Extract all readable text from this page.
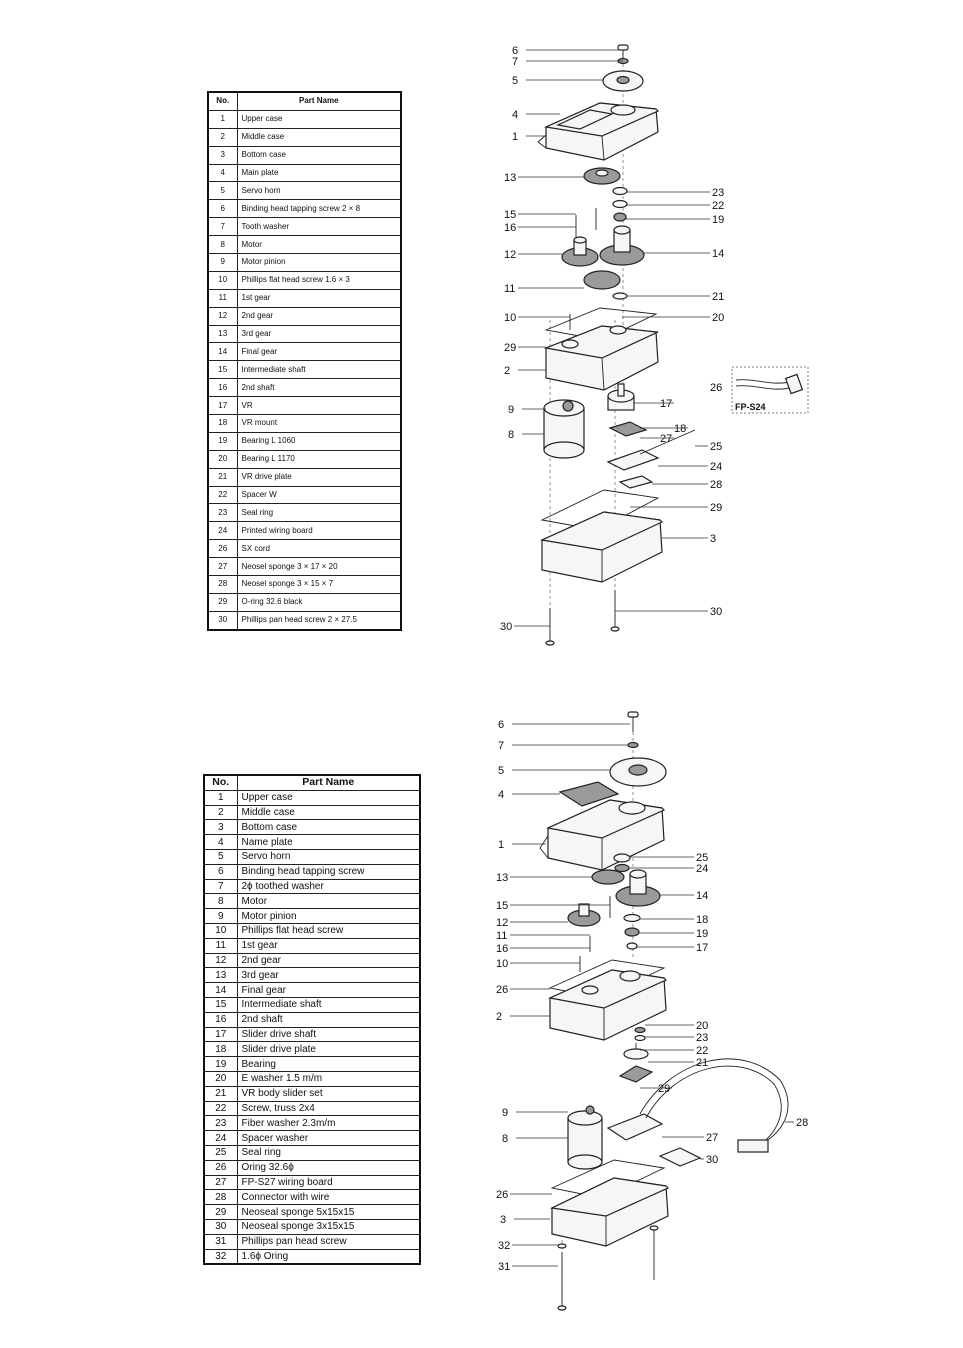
No.	Part Name
1	Upper case
2	Middle case
3	Bottom case
4	Main plate
5	Servo horn
6	Binding head tapping screw 2 × 8
7	Tooth washer
8	Motor
9	Motor pinion
10	Phillips flat head screw 1.6 × 3
11	1st gear
12	2nd gear
13	3rd gear
14	Final gear
15	Intermediate shaft
16	2nd shaft
17	VR
18	VR mount
19	Bearing L 1060
20	Bearing L 1170
21	VR drive plate
22	Spacer W
23	Seal ring
24	Printed wiring board
26	SX cord
27	Neosel sponge 3 × 17 × 20
28	Neosel sponge 3 × 15 × 7
29	O-ring 32.6 black
30	Phillips pan head screw 2 × 27.5
No.	Part Name
1	Upper case
2	Middle case
3	Bottom case
4	Name plate
5	Servo horn
6	Binding head tapping screw
7	2ϕ toothed washer
8	Motor
9	Motor pinion
10	Phillips flat head screw
11	1st gear
12	2nd gear
13	3rd gear
14	Final gear
15	Intermediate shaft
16	2nd shaft
17	Slider drive shaft
18	Slider drive plate
19	Bearing
20	E washer 1.5 m/m
21	VR body slider set
22	Screw, truss 2x4
23	Fiber washer 2.3m/m
24	Spacer washer
25	Seal ring
26	Oring 32.6ϕ
27	FP-S27 wiring board
28	Connector with wire
29	Neoseal sponge 5x15x15
30	Neoseal sponge 3x15x15
31	Phillips pan head screw
32	1.6ϕ Oring
FP-S24
6
7
5
4
1
13
23
22
19
15
16
12	14
11
21
10	20
29
2
26
9	17
8	18
27
25
24
28
29
3
30
30
6
7
5
4
1
25
24
13
14
15
18
12
19
11
16	17
10
26
2
20
23
22
21
29
9
28
8	27
30
26
3
32
31
